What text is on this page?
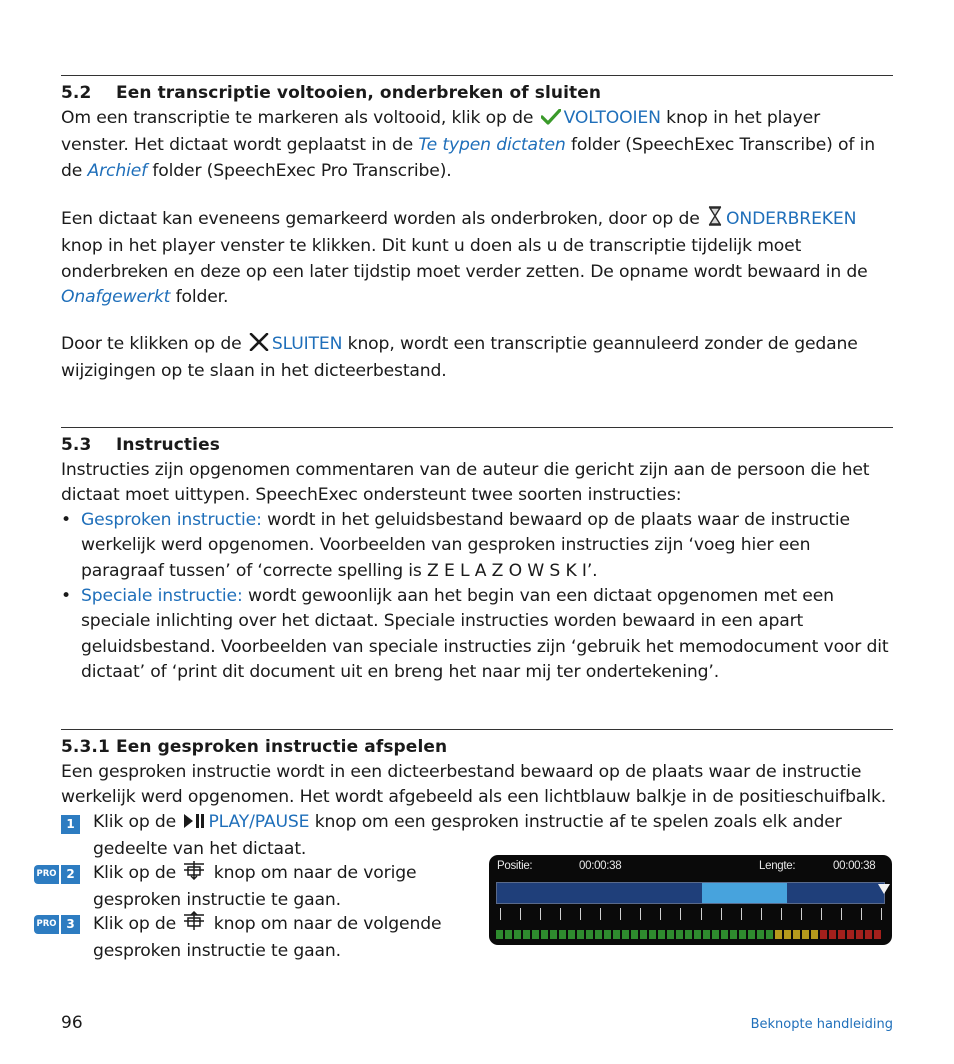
5.2 Een transcriptie voltooien, onderbreken of sluiten
Om een transcriptie te markeren als voltooid, klik op de VOLTOOIEN knop in het player
venster. Het dictaat wordt geplaatst in de Te typen dictaten folder (SpeechExec Transcribe) of in
de Archief folder (SpeechExec Pro Transcribe).
Een dictaat kan eveneens gemarkeerd worden als onderbroken, door op de ONDERBREKEN
knop in het player venster te klikken. Dit kunt u doen als u de transcriptie tijdelijk moet
onderbreken en deze op een later tijdstip moet verder zetten. De opname wordt bewaard in de
Onafgewerkt folder.
Door te klikken op de SLUITEN knop, wordt een transcriptie geannuleerd zonder de gedane
wijzigingen op te slaan in het dicteerbestand.
5.3 Instructies
Instructies zijn opgenomen commentaren van de auteur die gericht zijn aan de persoon die het
dictaat moet uittypen. SpeechExec ondersteunt twee soorten instructies:
• Gesproken instructie: wordt in het geluidsbestand bewaard op de plaats waar de instructie
werkelijk werd opgenomen. Voorbeelden van gesproken instructies zijn ‘voeg hier een
paragraaf tussen’ of ‘correcte spelling is Z E L A Z O W S K I’.
• Speciale instructie: wordt gewoonlijk aan het begin van een dictaat opgenomen met een
speciale inlichting over het dictaat. Speciale instructies worden bewaard in een apart
geluidsbestand. Voorbeelden van speciale instructies zijn ‘gebruik het memodocument voor dit
dictaat’ of ‘print dit document uit en breng het naar mij ter ondertekening’.
5.3.1 Een gesproken instructie afspelen
Een gesproken instructie wordt in een dicteerbestand bewaard op de plaats waar de instructie
werkelijk werd opgenomen. Het wordt afgebeeld als een lichtblauw balkje in de positieschuifbalk.
1	Klik op de PLAY/PAUSE knop om een gesproken instructie af te spelen zoals elk ander
gedeelte van het dictaat.
PRO 2	Klik op de knop om naar de vorige
gesproken instructie te gaan.
PRO 3	Klik op de knop om naar de volgende
gesproken instructie te gaan.
Positie:	00:00:38	Lengte:	00:00:38
96	Beknopte handleiding
